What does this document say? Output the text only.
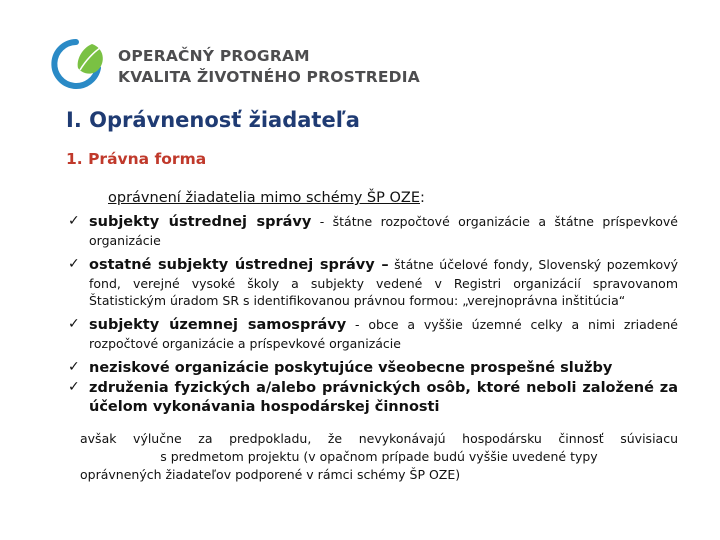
OPERAČNÝ PROGRAM
KVALITA ŽIVOTNÉHO PROSTREDIA
I. Oprávnenosť žiadateľa
1. Právna forma
oprávnení žiadatelia mimo schémy ŠP OZE:
✓ subjekty ústrednej správy - štátne rozpočtové organizácie a štátne príspevkové
organizácie
✓ ostatné subjekty ústrednej správy – štátne účelové fondy, Slovenský pozemkový
fond, verejné vysoké školy a subjekty vedené v Registri organizácií spravovanom
Štatistickým úradom SR s identifikovanou právnou formou: „verejnoprávna inštitúcia“
✓ subjekty územnej samosprávy - obce a vyššie územné celky a nimi zriadené
rozpočtové organizácie a príspevkové organizácie
✓ neziskové organizácie poskytujúce všeobecne prospešné služby
✓ združenia fyzických a/alebo právnických osôb, ktoré neboli založené za
účelom vykonávania hospodárskej činnosti
avšak výlučne za predpokladu, že nevykonávajú hospodársku činnosť súvisiacu
s predmetom projektu (v opačnom prípade budú vyššie uvedené typy
oprávnených žiadateľov podporené v rámci schémy ŠP OZE)
